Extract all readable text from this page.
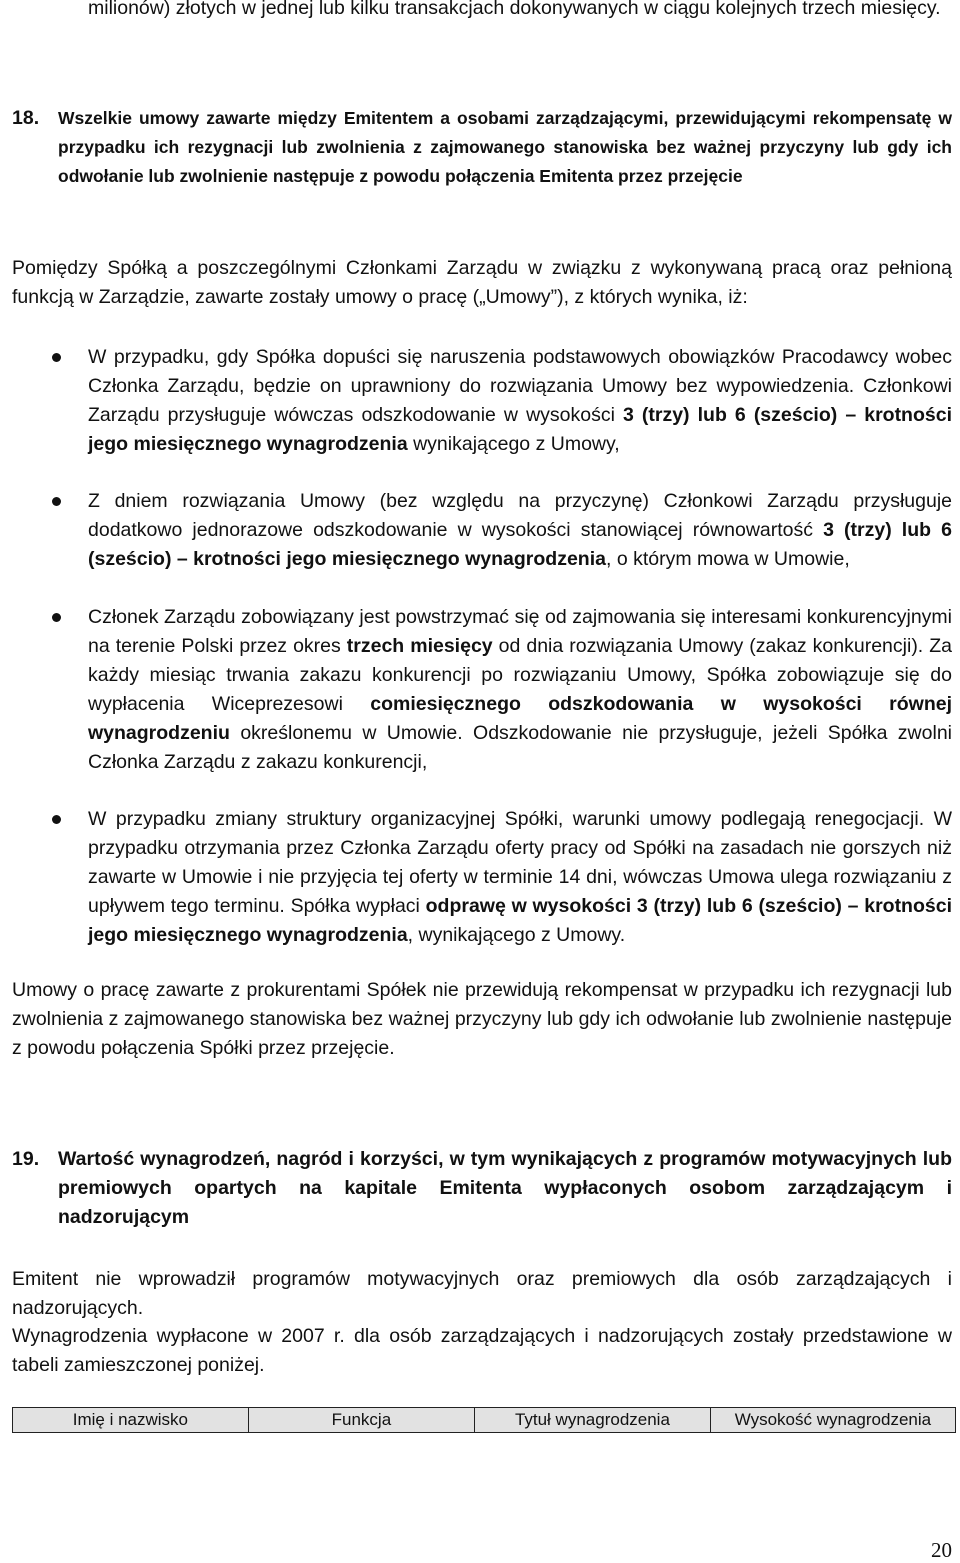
milionów) złotych w jednej lub kilku transakcjach dokonywanych w ciągu kolejnych trzech miesięcy.
18. Wszelkie umowy zawarte między Emitentem a osobami zarządzającymi, przewidującymi rekompensatę w przypadku ich rezygnacji lub zwolnienia z zajmowanego stanowiska bez ważnej przyczyny lub gdy ich odwołanie lub zwolnienie następuje z powodu połączenia Emitenta przez przejęcie
Pomiędzy Spółką a poszczególnymi Członkami Zarządu w związku z wykonywaną pracą oraz pełnioną funkcją w Zarządzie, zawarte zostały umowy o pracę („Umowy”), z których wynika, iż:
W przypadku, gdy Spółka dopuści się naruszenia podstawowych obowiązków Pracodawcy wobec Członka Zarządu, będzie on uprawniony do rozwiązania Umowy bez wypowiedzenia. Członkowi Zarządu przysługuje wówczas odszkodowanie w wysokości 3 (trzy) lub 6 (sześcio) – krotności jego miesięcznego wynagrodzenia wynikającego z Umowy,
Z dniem rozwiązania Umowy (bez względu na przyczynę) Członkowi Zarządu przysługuje dodatkowo jednorazowe odszkodowanie w wysokości stanowiącej równowartość 3 (trzy) lub 6 (sześcio) – krotności jego miesięcznego wynagrodzenia, o którym mowa w Umowie,
Członek Zarządu zobowiązany jest powstrzymać się od zajmowania się interesami konkurencyjnymi na terenie Polski przez okres trzech miesięcy od dnia rozwiązania Umowy (zakaz konkurencji). Za każdy miesiąc trwania zakazu konkurencji po rozwiązaniu Umowy, Spółka zobowiązuje się do wypłacenia Wiceprezesowi comiesięcznego odszkodowania w wysokości równej wynagrodzeniu określonemu w Umowie. Odszkodowanie nie przysługuje, jeżeli Spółka zwolni Członka Zarządu z zakazu konkurencji,
W przypadku zmiany struktury organizacyjnej Spółki, warunki umowy podlegają renegocjacji. W przypadku otrzymania przez Członka Zarządu oferty pracy od Spółki na zasadach nie gorszych niż zawarte w Umowie i nie przyjęcia tej oferty w terminie 14 dni, wówczas Umowa ulega rozwiązaniu z upływem tego terminu. Spółka wypłaci odprawę w wysokości 3 (trzy) lub 6 (sześcio) – krotności jego miesięcznego wynagrodzenia, wynikającego z Umowy.
Umowy o pracę zawarte z prokurentami Spółek nie przewidują rekompensat w przypadku ich rezygnacji lub zwolnienia z zajmowanego stanowiska bez ważnej przyczyny lub gdy ich odwołanie lub zwolnienie następuje z powodu połączenia Spółki przez przejęcie.
19. Wartość wynagrodzeń, nagród i korzyści, w tym wynikających z programów motywacyjnych lub premiowych opartych na kapitale Emitenta wypłaconych osobom zarządzającym i nadzorującym
Emitent nie wprowadził programów motywacyjnych oraz premiowych dla osób zarządzających i nadzorujących.
Wynagrodzenia wypłacone w 2007 r. dla osób zarządzających i nadzorujących zostały przedstawione w tabeli zamieszczonej poniżej.
Imię i nazwisko	Funkcja	Tytuł wynagrodzenia	Wysokość wynagrodzenia
20
